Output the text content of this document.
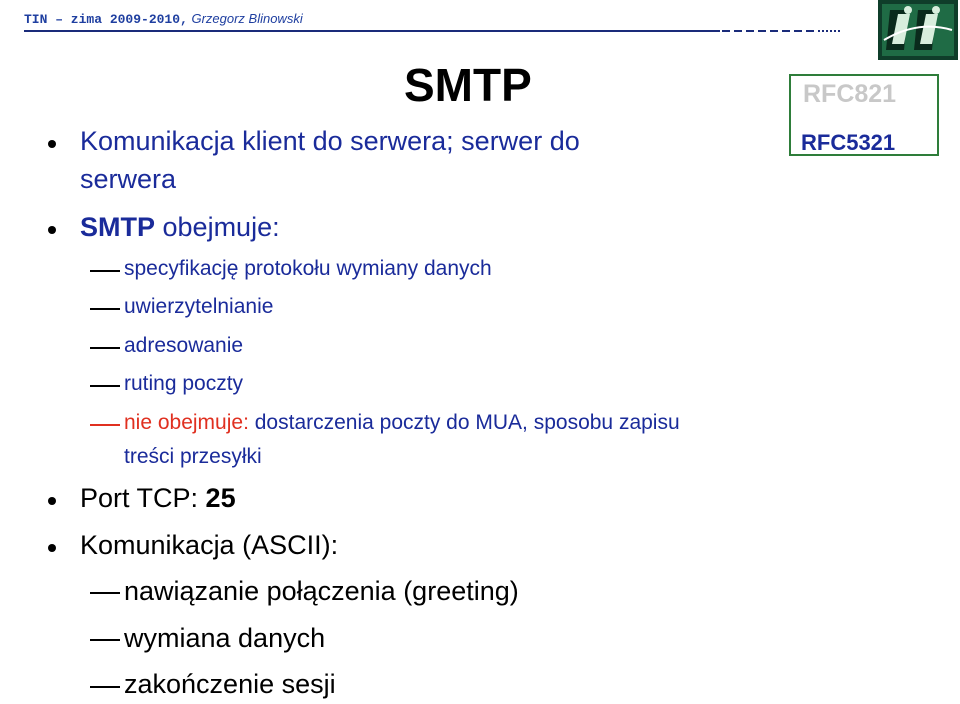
TIN – zima 2009-2010, Grzegorz Blinowski
SMTP	RFC821
RFC5321
Komunikacja klient do serwera; serwer do
serwera
SMTP obejmuje:
specyfikację protokołu wymiany danych
uwierzytelnianie
adresowanie
ruting poczty
nie obejmuje: dostarczenia poczty do MUA, sposobu zapisu
treści przesyłki
Port TCP: 25
Komunikacja (ASCII):
nawiązanie połączenia (greeting)
wymiana danych
zakończenie sesji
